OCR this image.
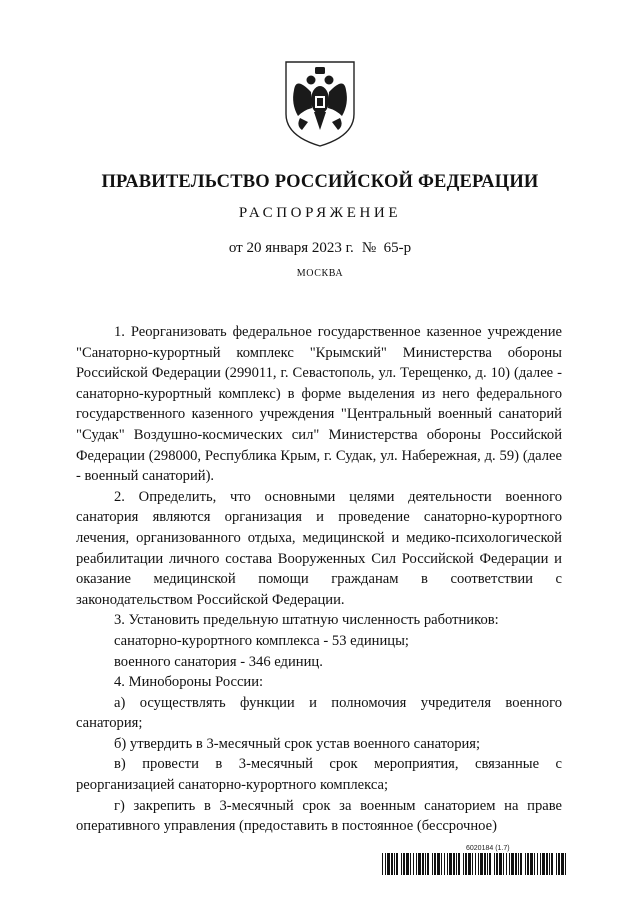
ПРАВИТЕЛЬСТВО РОССИЙСКОЙ ФЕДЕРАЦИИ
РАСПОРЯЖЕНИЕ
от 20 января 2023 г. № 65-р
МОСКВА

1. Реорганизовать федеральное государственное казенное учреждение "Санаторно-курортный комплекс "Крымский" Министерства обороны Российской Федерации (299011, г. Севастополь, ул. Терещенко, д. 10) (далее - санаторно-курортный комплекс) в форме выделения из него федерального государственного казенного учреждения "Центральный военный санаторий "Судак" Воздушно-космических сил" Министерства обороны Российской Федерации (298000, Республика Крым, г. Судак, ул. Набережная, д. 59) (далее - военный санаторий).

2. Определить, что основными целями деятельности военного санатория являются организация и проведение санаторно-курортного лечения, организованного отдыха, медицинской и медико-психологической реабилитации личного состава Вооруженных Сил Российской Федерации и оказание медицинской помощи гражданам в соответствии с законодательством Российской Федерации.

3. Установить предельную штатную численность работников:

санаторно-курортного комплекса - 53 единицы;

военного санатория - 346 единиц.

4. Минобороны России:

а) осуществлять функции и полномочия учредителя военного санатория;

б) утвердить в 3-месячный срок устав военного санатория;

в) провести в 3-месячный срок мероприятия, связанные с реорганизацией санаторно-курортного комплекса;

г) закрепить в 3-месячный срок за военным санаторием на праве оперативного управления (предоставить в постоянное (бессрочное)

6020184 (1.7)
